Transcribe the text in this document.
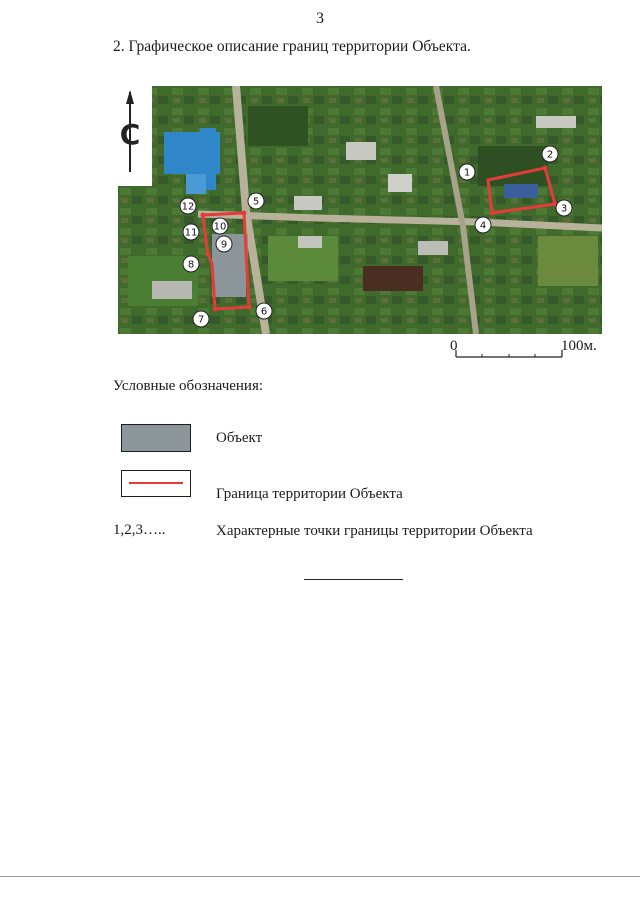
3
2. Графическое описание границ территории Объекта.
С
1
2
3
4
5
6
7
8
9
10
11
12
0	100м.
Условные обозначения:
Объект
Граница территории Объекта
1,2,3…..	Характерные точки границы территории Объекта
